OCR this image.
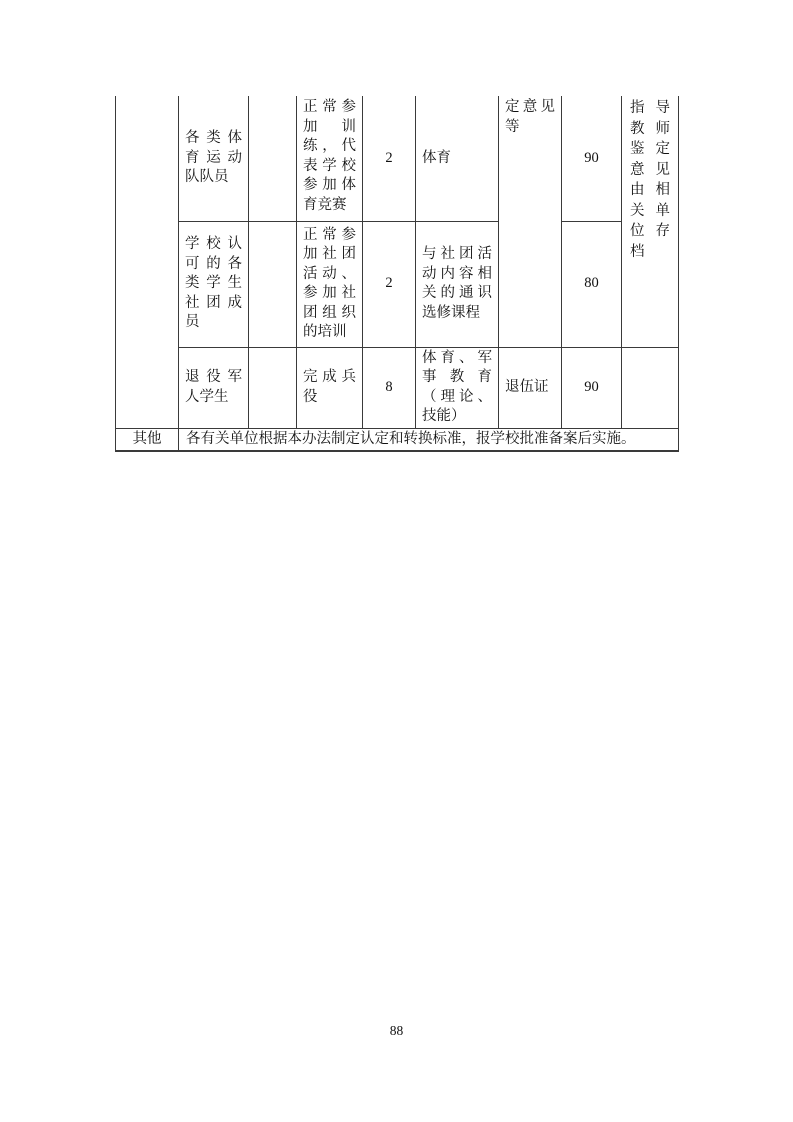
	各类体育运动队队员		正常参加训练，代表学校参加体育竞赛	2	体育	定意见等	90	指导教师鉴定意见由相关单位存档
	学校认可的各类学生社团成员		正常参加社团活动、参加社团组织的培训	2	与社团活动内容相关的通识选修课程		80	
	退役军人学生		完成兵役	8	体育、军事教育（理论、技能）	退伍证	90	
其他	各有关单位根据本办法制定认定和转换标准，报学校批准备案后实施。							
88
